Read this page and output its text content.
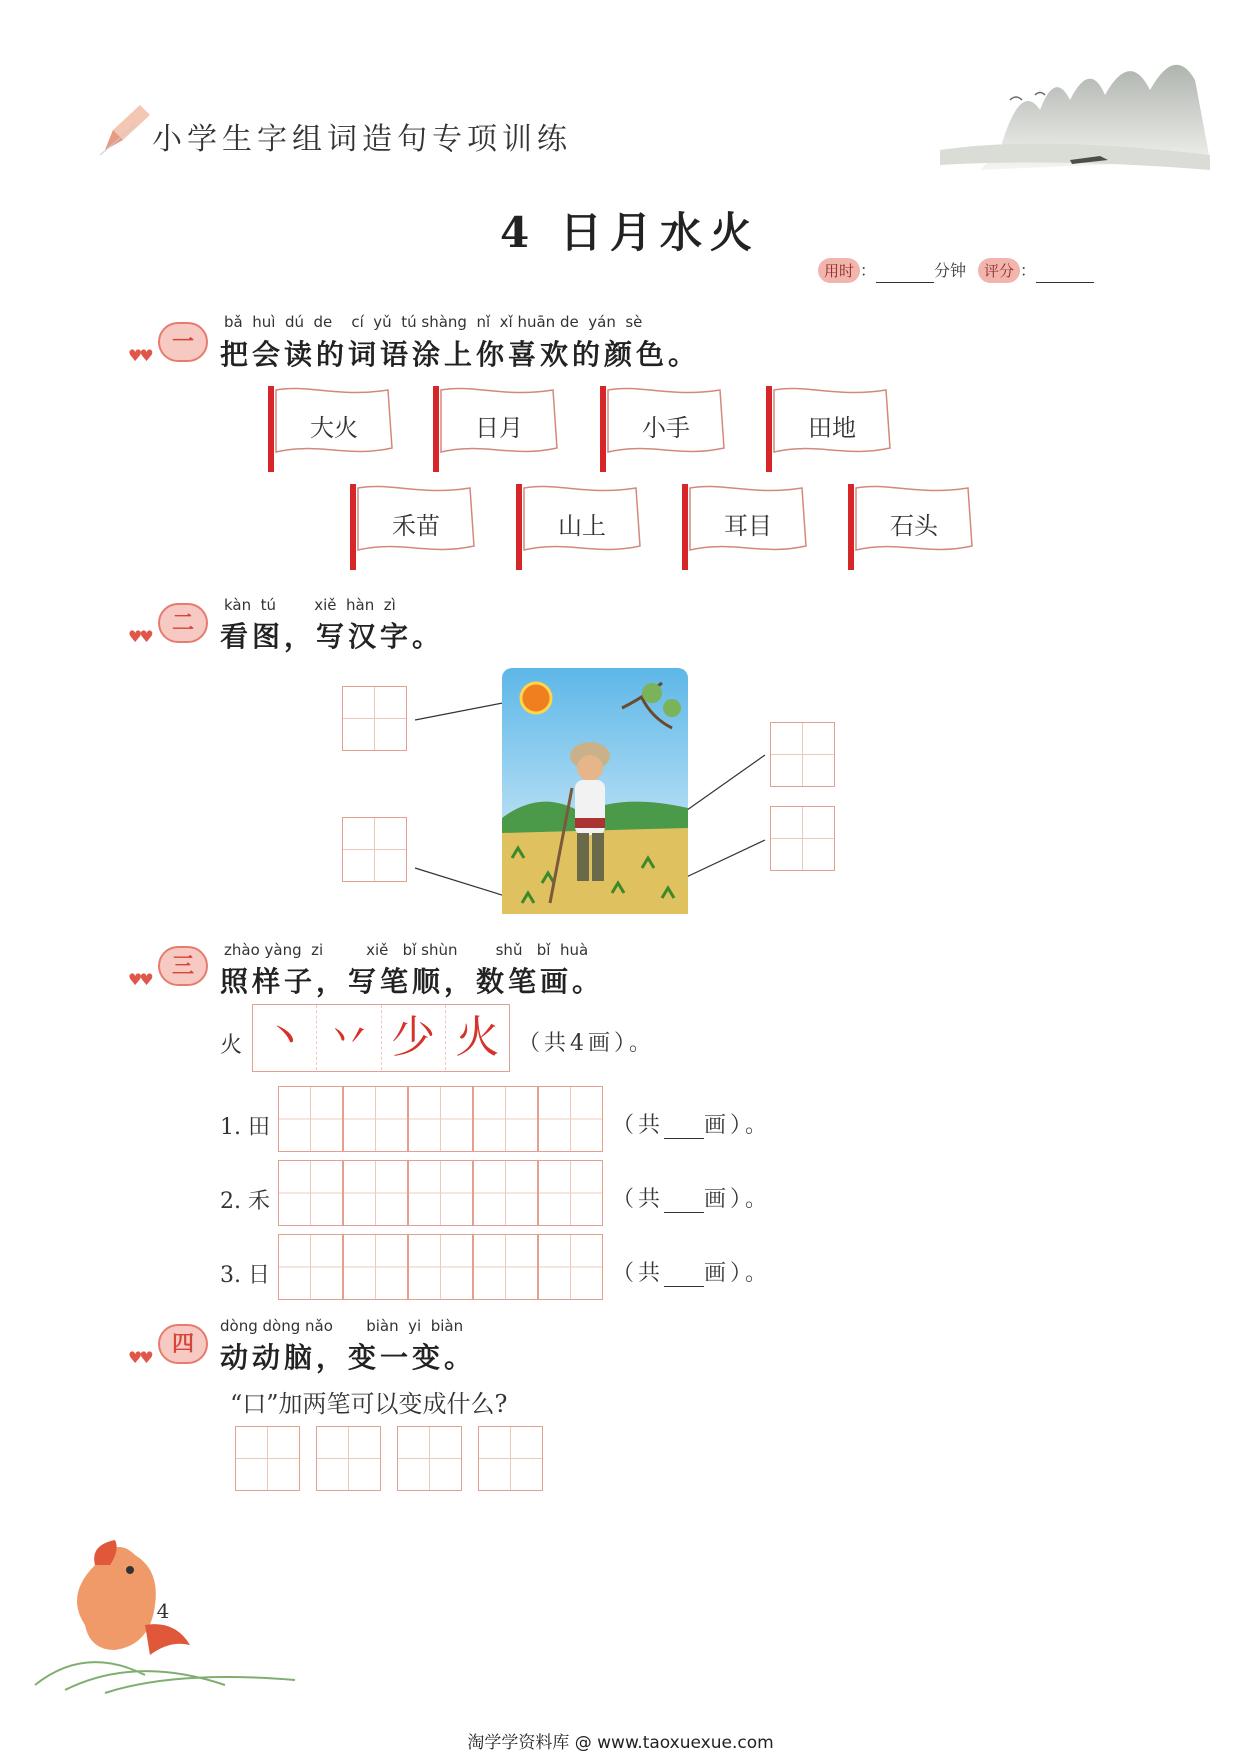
小学生字组词造句专项训练
4 日月水火
用时 ：	分钟	评分 ：
♥♥
一
bǎ  huì  dú  de    cí  yǔ  tú shàng  nǐ  xǐ huān de  yán  sè
把会读的词语涂上你喜欢的颜色。
大火	日月	小手	田地
禾苗	山上	耳目	石头
♥♥
二
kàn  tú        xiě  hàn  zì
看图，写汉字。
♥♥
三
zhào yàng  zi         xiě   bǐ shùn        shǔ   bǐ  huà
照样子，写笔顺，数笔画。
火 丶 丷 少 火 （共4画）。
1. 田	（共 画）。
2. 禾	（共 画）。
3. 日	（共 画）。
♥♥
四
dòng dòng nǎo       biàn  yi  biàn
动动脑，变一变。
“口”加两笔可以变成什么?
4
淘学学资料库 @ www.taoxuexue.com
